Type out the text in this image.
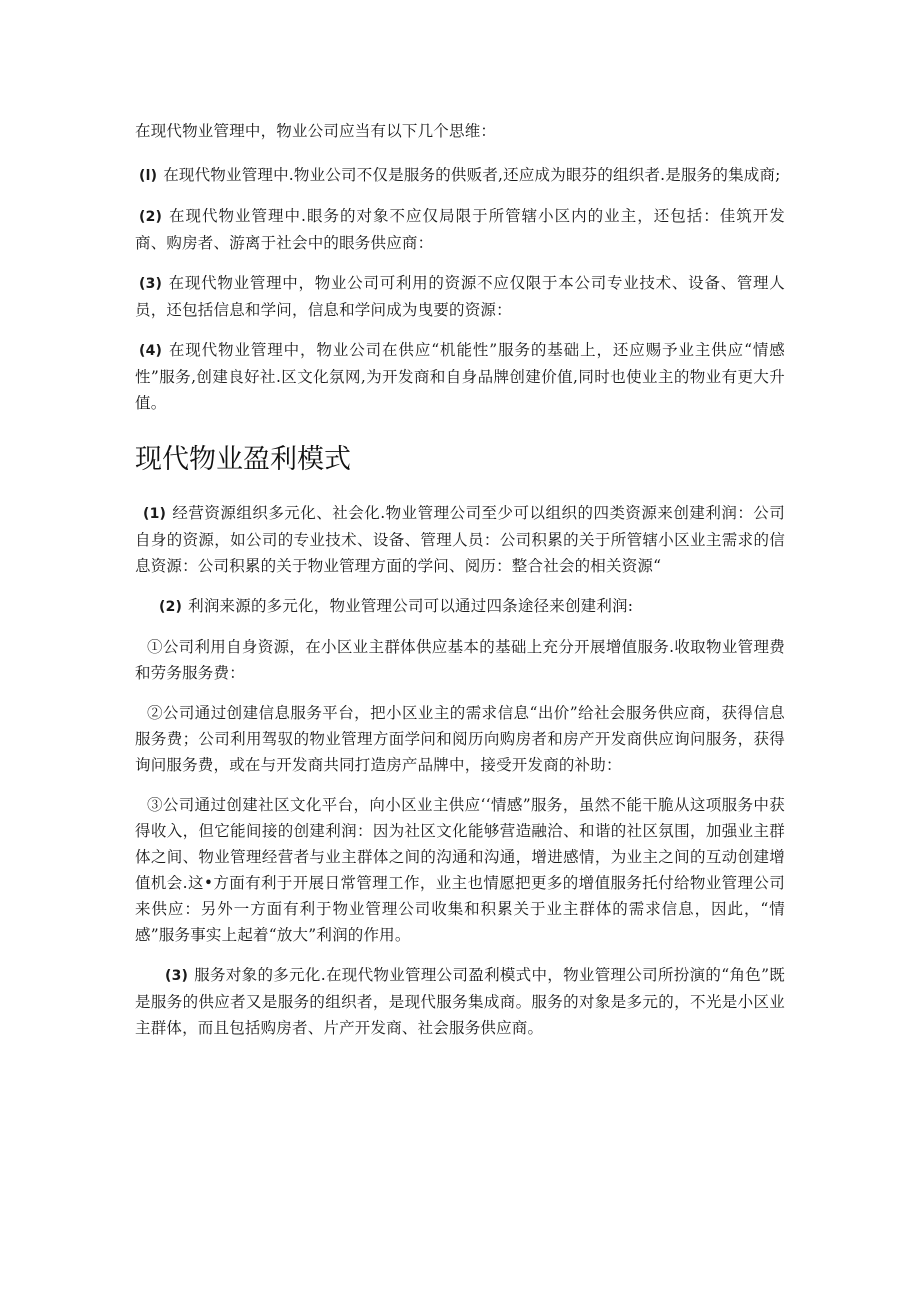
在现代物业管理中，物业公司应当有以下几个思维：

(l) 在现代物业管理中.物业公司不仅是服务的供贩者,还应成为眼芬的组织者.是服务的集成商;

(2) 在现代物业管理中.眼务的对象不应仅局限于所管辖小区内的业主，还包括：佳筑开发商、购房者、游离于社会中的眼务供应商：

(3) 在现代物业管理中，物业公司可利用的资源不应仅限于本公司专业技术、设备、管理人员，还包括信息和学问，信息和学问成为曳要的资源：

(4) 在现代物业管理中，物业公司在供应“机能性”服务的基础上，还应赐予业主供应“情感性”服务,创建良好社.区文化氛网,为开发商和自身品牌创建价值,同时也使业主的物业有更大升值。

现代物业盈利模式

(1) 经营资源组织多元化、社会化.物业管理公司至少可以组织的四类资源来创建利润：公司自身的资源，如公司的专业技术、设备、管理人员：公司积累的关于所管辖小区业主需求的信息资源：公司积累的关于物业管理方面的学问、阅历：整合社会的相关资源“

(2) 利润来源的多元化，物业管理公司可以通过四条途径来创建利润:

①公司利用自身资源，在小区业主群体供应基本的基础上充分开展增值服务.收取物业管理费和劳务服务费：

②公司通过创建信息服务平台，把小区业主的需求信息“出价”给社会服务供应商，获得信息服务费；公司利用驾驭的物业管理方面学问和阅历向购房者和房产开发商供应询问服务，获得询问服务费，或在与开发商共同打造房产品牌中，接受开发商的补助：

③公司通过创建社区文化平台，向小区业主供应‘‘情感”服务，虽然不能干脆从这项服务中获得收入，但它能间接的创建利润：因为社区文化能够营造融洽、和谐的社区氛围，加强业主群体之间、物业管理经营者与业主群体之间的沟通和沟通，增进感情，为业主之间的互动创建增值机会.这•方面有利于开展日常管理工作，业主也情愿把更多的增值服务托付给物业管理公司来供应：另外一方面有利于物业管理公司收集和积累关于业主群体的需求信息，因此，“情感”服务事实上起着“放大”利润的作用。

(3) 服务对象的多元化.在现代物业管理公司盈利模式中，物业管理公司所扮演的“角色”既是服务的供应者又是服务的组织者，是现代服务集成商。服务的对象是多元的，不光是小区业主群体，而且包括购房者、片产开发商、社会服务供应商。
